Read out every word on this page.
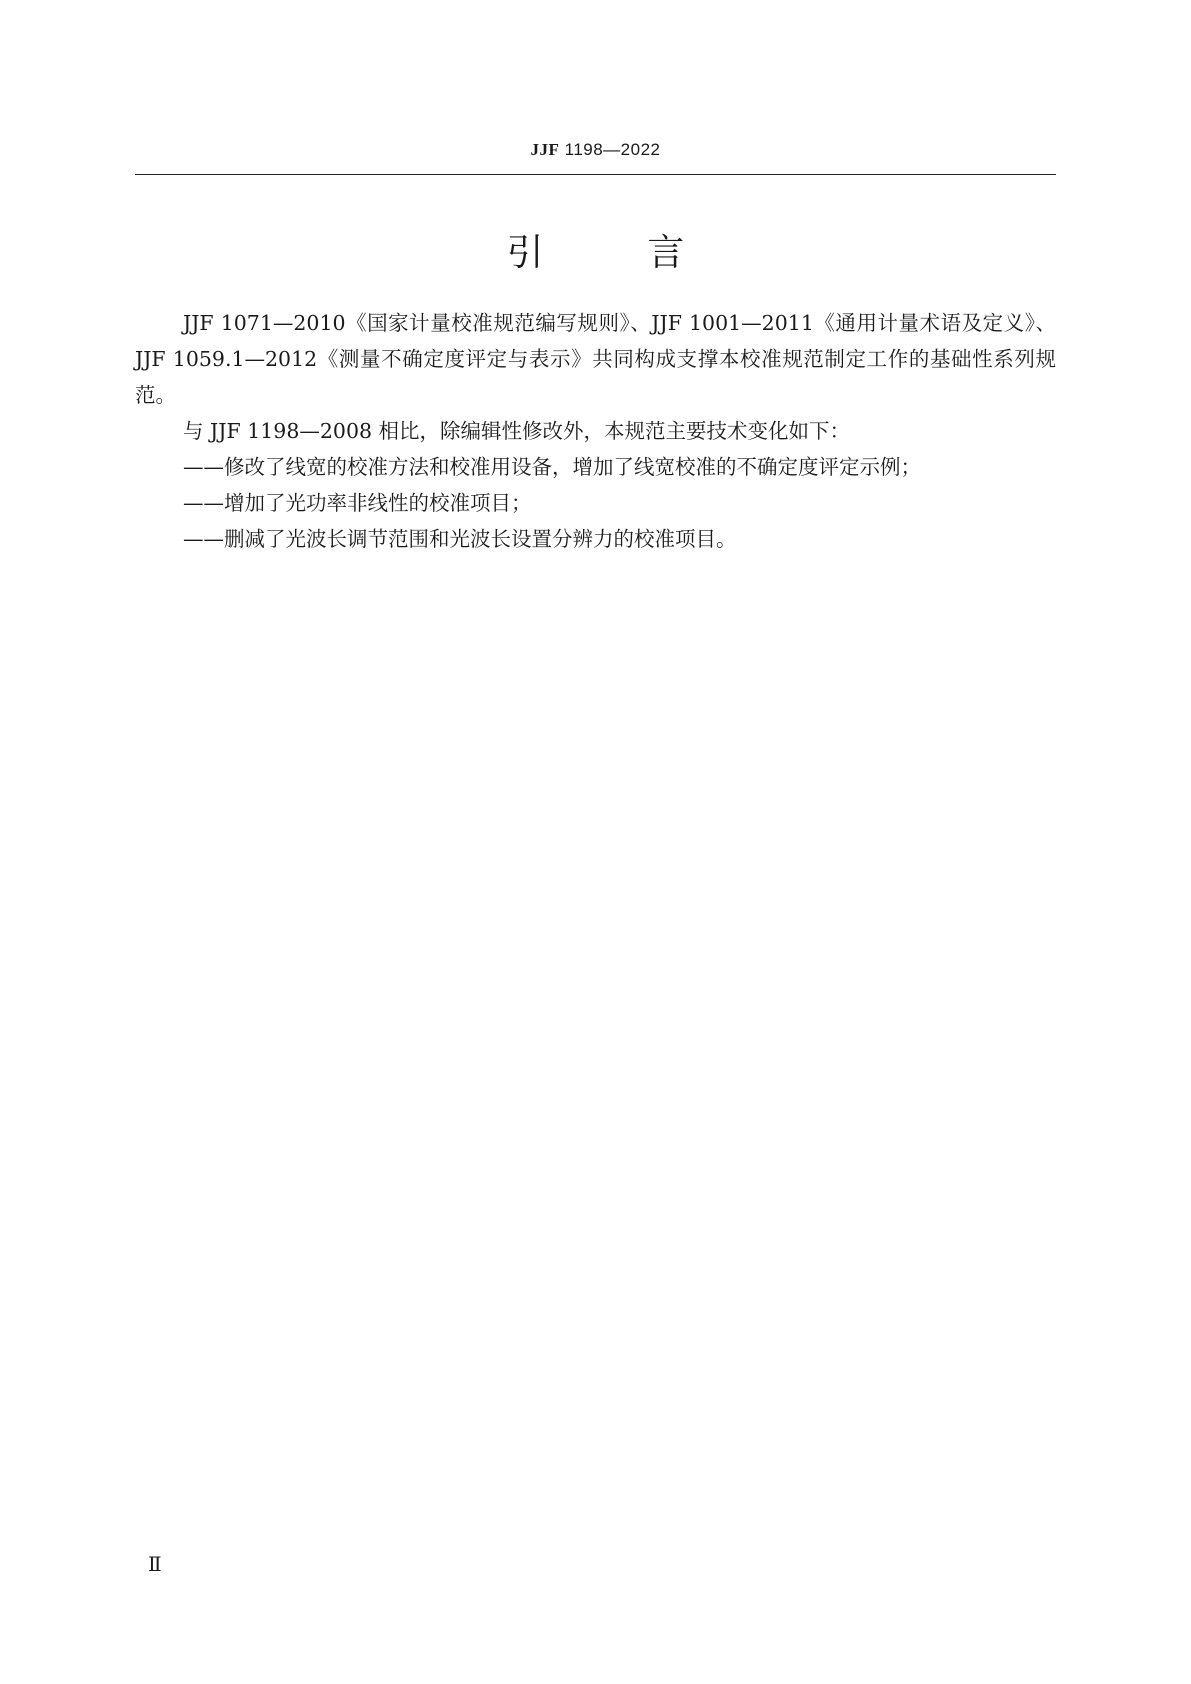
JJF 1198—2022
引	言

JJF 1071—2010《国家计量校准规范编写规则》、JJF 1001—2011《通用计量术语及定义》、JJF 1059.1—2012《测量不确定度评定与表示》共同构成支撑本校准规范制定工作的基础性系列规范。

与 JJF 1198—2008 相比，除编辑性修改外，本规范主要技术变化如下：

——修改了线宽的校准方法和校准用设备，增加了线宽校准的不确定度评定示例；

——增加了光功率非线性的校准项目；

——删减了光波长调节范围和光波长设置分辨力的校准项目。

Ⅱ
